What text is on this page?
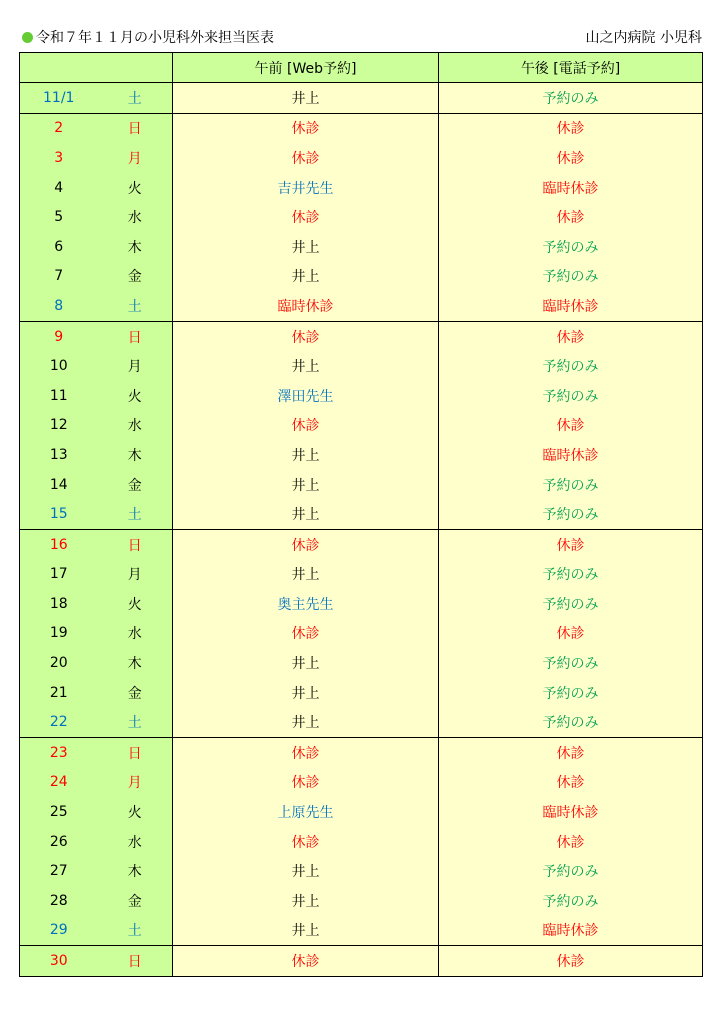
令和７年１１月の小児科外来担当医表	山之内病院 小児科
		午前 [Web予約]	午後 [電話予約]
11/1	土	井上	予約のみ
2	日	休診	休診
3	月	休診	休診
4	火	吉井先生	臨時休診
5	水	休診	休診
6	木	井上	予約のみ
7	金	井上	予約のみ
8	土	臨時休診	臨時休診
9	日	休診	休診
10	月	井上	予約のみ
11	火	澤田先生	予約のみ
12	水	休診	休診
13	木	井上	臨時休診
14	金	井上	予約のみ
15	土	井上	予約のみ
16	日	休診	休診
17	月	井上	予約のみ
18	火	奥主先生	予約のみ
19	水	休診	休診
20	木	井上	予約のみ
21	金	井上	予約のみ
22	土	井上	予約のみ
23	日	休診	休診
24	月	休診	休診
25	火	上原先生	臨時休診
26	水	休診	休診
27	木	井上	予約のみ
28	金	井上	予約のみ
29	土	井上	臨時休診
30	日	休診	休診
